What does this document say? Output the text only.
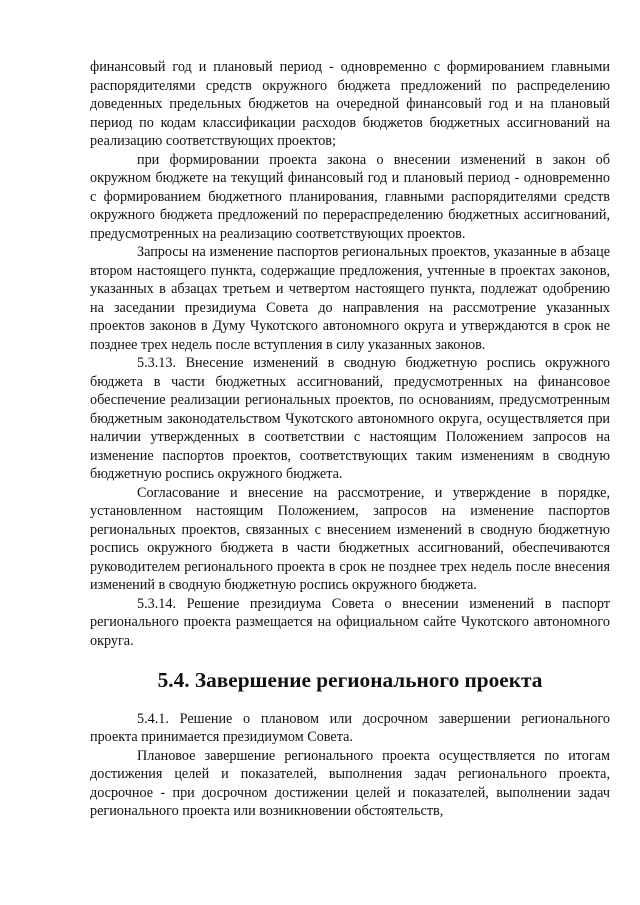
финансовый год и плановый период - одновременно с формированием главными распорядителями средств окружного бюджета предложений по распределению доведенных предельных бюджетов на очередной финансовый год и на плановый период по кодам классификации расходов бюджетов бюджетных ассигнований на реализацию соответствующих проектов;

при формировании проекта закона о внесении изменений в закон об окружном бюджете на текущий финансовый год и плановый период - одновременно с формированием бюджетного планирования, главными распорядителями средств окружного бюджета предложений по перераспределению бюджетных ассигнований, предусмотренных на реализацию соответствующих проектов.

Запросы на изменение паспортов региональных проектов, указанные в абзаце втором настоящего пункта, содержащие предложения, учтенные в проектах законов, указанных в абзацах третьем и четвертом настоящего пункта, подлежат одобрению на заседании президиума Совета до направления на рассмотрение указанных проектов законов в Думу Чукотского автономного округа и утверждаются в срок не позднее трех недель после вступления в силу указанных законов.

5.3.13. Внесение изменений в сводную бюджетную роспись окружного бюджета в части бюджетных ассигнований, предусмотренных на финансовое обеспечение реализации региональных проектов, по основаниям, предусмотренным бюджетным законодательством Чукотского автономного округа, осуществляется при наличии утвержденных в соответствии с настоящим Положением запросов на изменение паспортов проектов, соответствующих таким изменениям в сводную бюджетную роспись окружного бюджета.

Согласование и внесение на рассмотрение, и утверждение в порядке, установленном настоящим Положением, запросов на изменение паспортов региональных проектов, связанных с внесением изменений в сводную бюджетную роспись окружного бюджета в части бюджетных ассигнований, обеспечиваются руководителем регионального проекта в срок не позднее трех недель после внесения изменений в сводную бюджетную роспись окружного бюджета.

5.3.14. Решение президиума Совета о внесении изменений в паспорт регионального проекта размещается на официальном сайте Чукотского автономного округа.

5.4. Завершение регионального проекта

5.4.1. Решение о плановом или досрочном завершении регионального проекта принимается президиумом Совета.

Плановое завершение регионального проекта осуществляется по итогам достижения целей и показателей, выполнения задач регионального проекта, досрочное - при досрочном достижении целей и показателей, выполнении задач регионального проекта или возникновении обстоятельств,
